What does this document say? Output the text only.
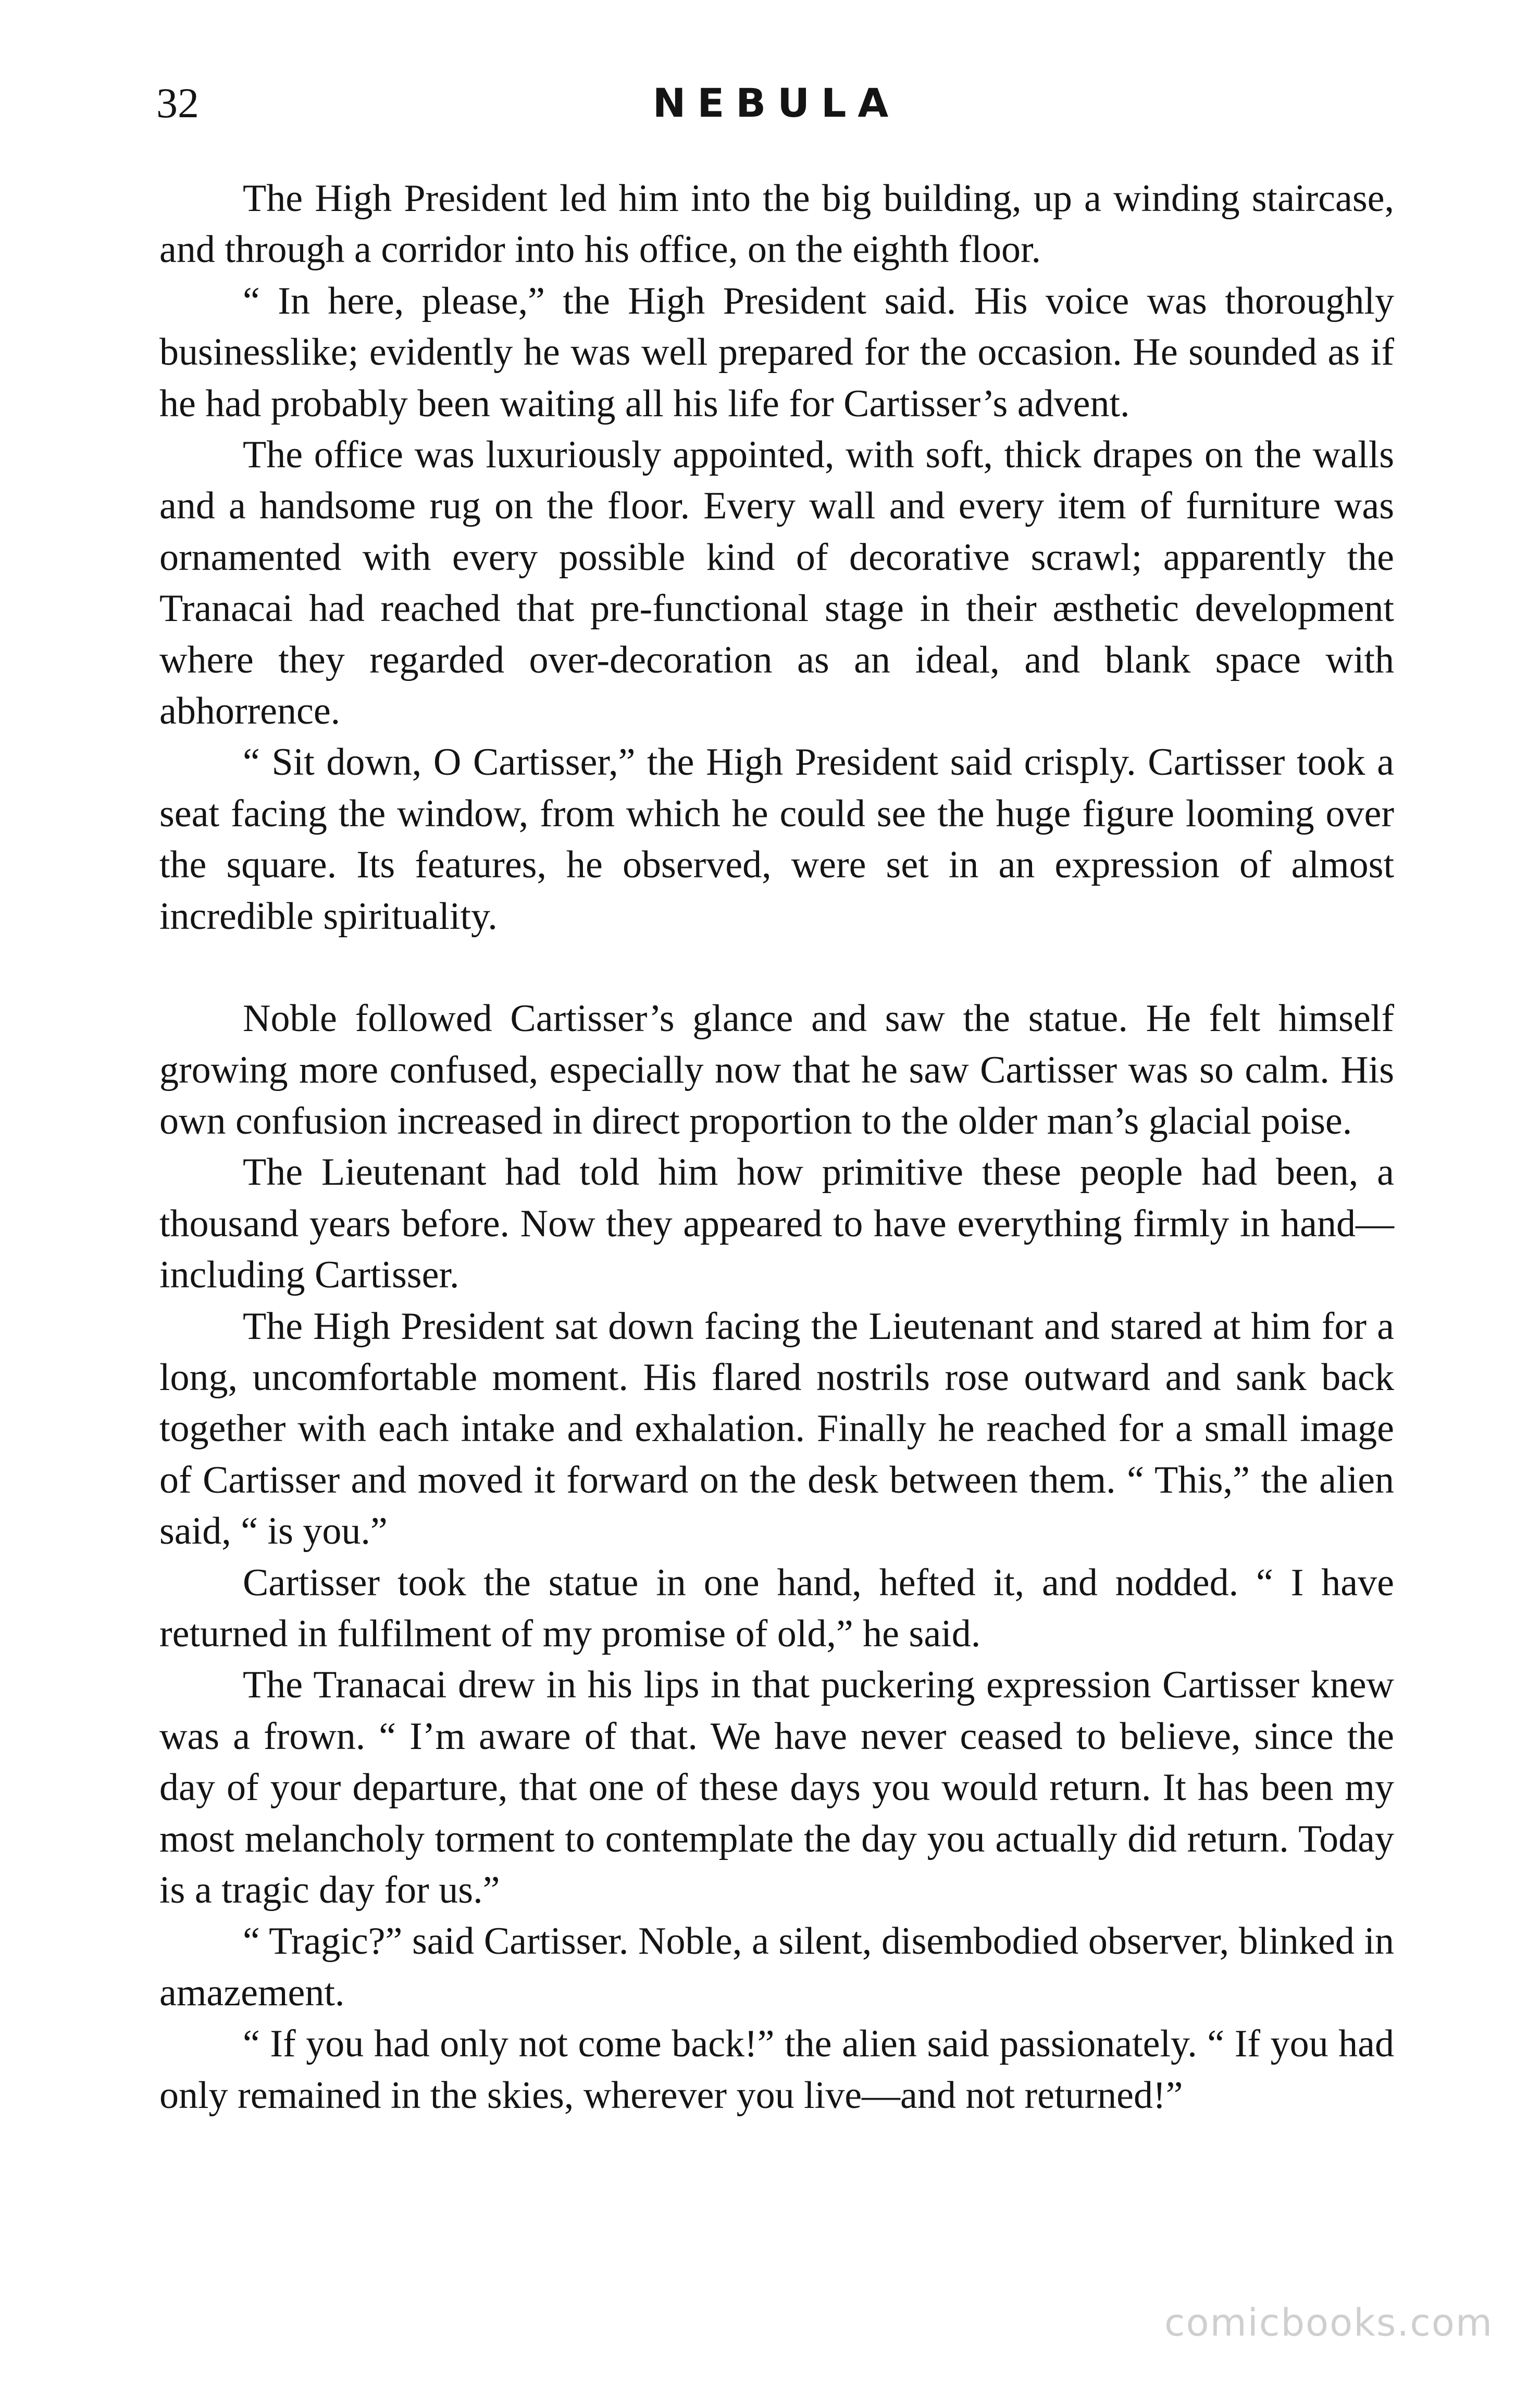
32	NEBULA

The High President led him into the big building, up a winding staircase, and through a corridor into his office, on the eighth floor.

“ In here, please,” the High President said. His voice was thoroughly businesslike; evidently he was well prepared for the occasion. He sounded as if he had probably been waiting all his life for Cartisser’s advent.

The office was luxuriously appointed, with soft, thick drapes on the walls and a handsome rug on the floor. Every wall and every item of furniture was ornamented with every possible kind of decorative scrawl; apparently the Tranacai had reached that pre-functional stage in their æsthetic development where they regarded over-decoration as an ideal, and blank space with abhorrence.

“ Sit down, O Cartisser,” the High President said crisply. Cartisser took a seat facing the window, from which he could see the huge figure looming over the square. Its features, he observed, were set in an expression of almost incredible spirituality.

Noble followed Cartisser’s glance and saw the statue. He felt himself growing more confused, especially now that he saw Cartisser was so calm. His own confusion increased in direct proportion to the older man’s glacial poise.

The Lieutenant had told him how primitive these people had been, a thousand years before. Now they appeared to have everything firmly in hand—including Cartisser.

The High President sat down facing the Lieutenant and stared at him for a long, uncomfortable moment. His flared nostrils rose outward and sank back together with each intake and exhalation. Finally he reached for a small image of Cartisser and moved it forward on the desk between them. “ This,” the alien said, “ is you.”

Cartisser took the statue in one hand, hefted it, and nodded. “ I have returned in fulfilment of my promise of old,” he said.

The Tranacai drew in his lips in that puckering expression Cartisser knew was a frown. “ I’m aware of that. We have never ceased to believe, since the day of your departure, that one of these days you would return. It has been my most melancholy torment to contemplate the day you actually did return. Today is a tragic day for us.”

“ Tragic?” said Cartisser. Noble, a silent, disembodied observer, blinked in amazement.

“ If you had only not come back!” the alien said passionately. “ If you had only remained in the skies, wherever you live—and not returned!”

comicbooks.com
